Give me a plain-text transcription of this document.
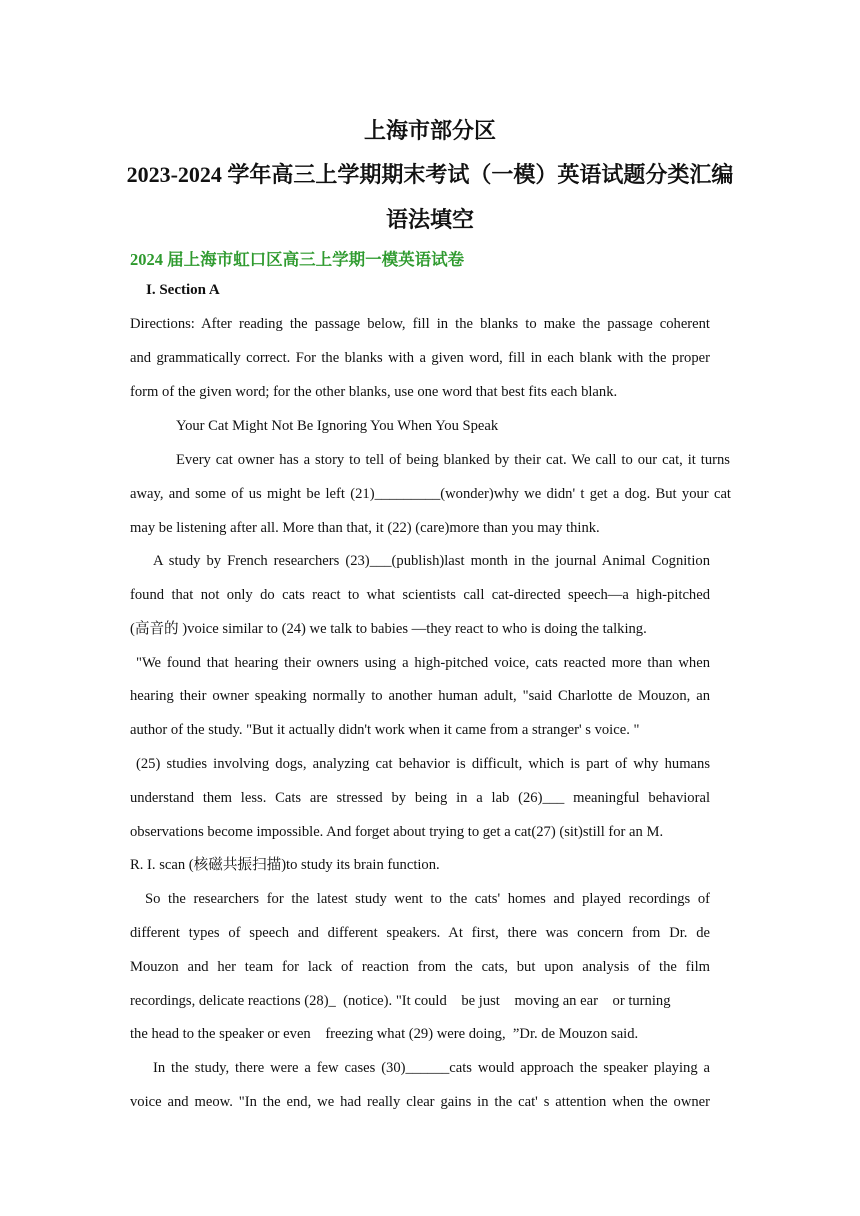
上海市部分区
2023-2024 学年高三上学期期末考试（一模）英语试题分类汇编
语法填空
2024 届上海市虹口区高三上学期一模英语试卷
I. Section A
Directions: After reading the passage below, fill in the blanks to make the passage coherent
and grammatically correct. For the blanks with a given word, fill in each blank with the proper
form of the given word; for the other blanks, use one word that best fits each blank.
Your Cat Might Not Be Ignoring You When You Speak
Every cat owner has a story to tell of being blanked by their cat. We call to our cat, it turns
away, and some of us might be left (21)_________(wonder)why we didn' t get a dog. But your cat
may be listening after all. More than that, it (22) (care)more than you may think.
A study by French researchers (23)___(publish)last month in the journal Animal Cognition
found that not only do cats react to what scientists call cat-directed speech—a high-pitched
(高音的 )voice similar to (24) we talk to babies —they react to who is doing the talking.
"We found that hearing their owners using a high-pitched voice, cats reacted more than when
hearing their owner speaking normally to another human adult, "said Charlotte de Mouzon, an
author of the study. "But it actually didn't work when it came from a stranger' s voice. "
(25) studies involving dogs, analyzing cat behavior is difficult, which is part of why humans
understand them less. Cats are stressed by being in a lab (26)___ meaningful behavioral
observations become impossible. And forget about trying to get a cat(27) (sit)still for an M.
R. I. scan (核磁共振扫描)to study its brain function.
So the researchers for the latest study went to the cats' homes and played recordings of
different types of speech and different speakers. At first, there was concern from Dr. de
Mouzon and her team for lack of reaction from the cats, but upon analysis of the film
recordings, delicate reactions (28)_  (notice). "It could    be just    moving an ear    or turning
the head to the speaker or even    freezing what (29) were doing,  ”Dr. de Mouzon said.
In the study, there were a few cases (30)______cats would approach the speaker playing a
voice and meow. "In the end, we had really clear gains in the cat' s attention when the owner
